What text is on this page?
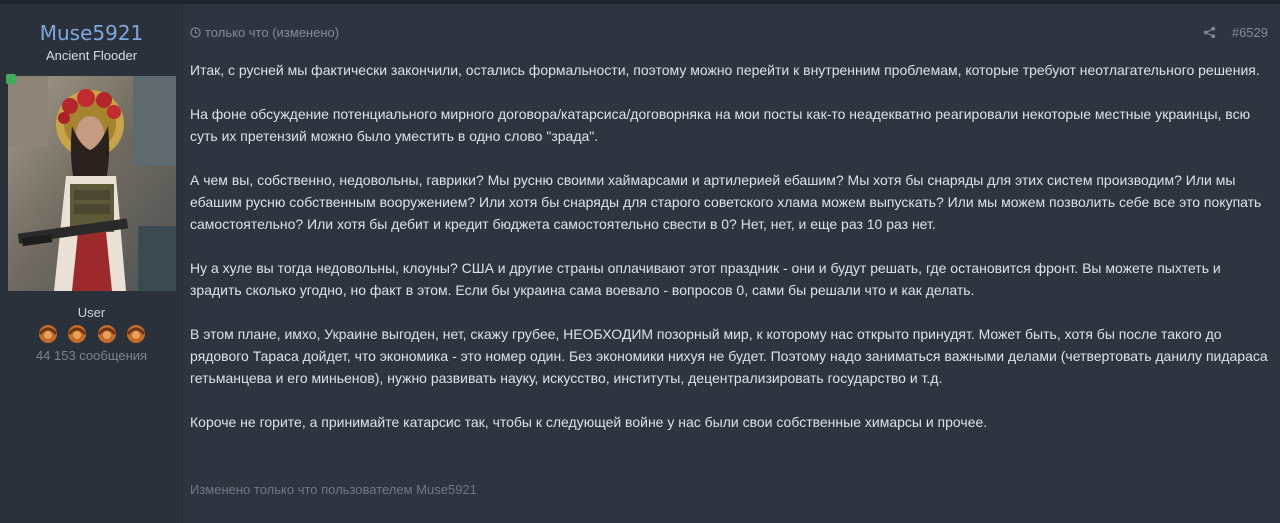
Muse5921
Ancient Flooder
User
44 153 сообщения
только что (изменено)	#6529

Итак, с русней мы фактически закончили, остались формальности, поэтому можно перейти к внутренним проблемам, которые требуют неотлагательного решения.

На фоне обсуждение потенциального мирного договора/катарсиса/договорняка на мои посты как-то неадекватно реагировали некоторые местные украинцы, всю суть их претензий можно было уместить в одно слово "зрада".

А чем вы, собственно, недовольны, гаврики? Мы русню своими хаймарсами и артилерией ебашим? Мы хотя бы снаряды для этих систем производим? Или мы ебашим русню собственным вооружением? Или хотя бы снаряды для старого советского хлама можем выпускать? Или мы можем позволить себе все это покупать самостоятельно? Или хотя бы дебит и кредит бюджета самостоятельно свести в 0? Нет, нет, и еще раз 10 раз нет.

Ну а хуле вы тогда недовольны, клоуны? США и другие страны оплачивают этот праздник - они и будут решать, где остановится фронт. Вы можете пыхтеть и зрадить сколько угодно, но факт в этом. Если бы украина сама воевало - вопросов 0, сами бы решали что и как делать.

В этом плане, имхо, Украине выгоден, нет, скажу грубее, НЕОБХОДИМ позорный мир, к которому нас открыто принудят. Может быть, хотя бы после такого до рядового Тараса дойдет, что экономика - это номер один. Без экономики нихуя не будет. Поэтому надо заниматься важными делами (четвертовать данилу пидараса гетьманцева и его миньенов), нужно развивать науку, искусство, институты, децентрализировать государство и т.д.

Короче не горите, а принимайте катарсис так, чтобы к следующей войне у нас были свои собственные химарсы и прочее.

Изменено только что пользователем Muse5921
